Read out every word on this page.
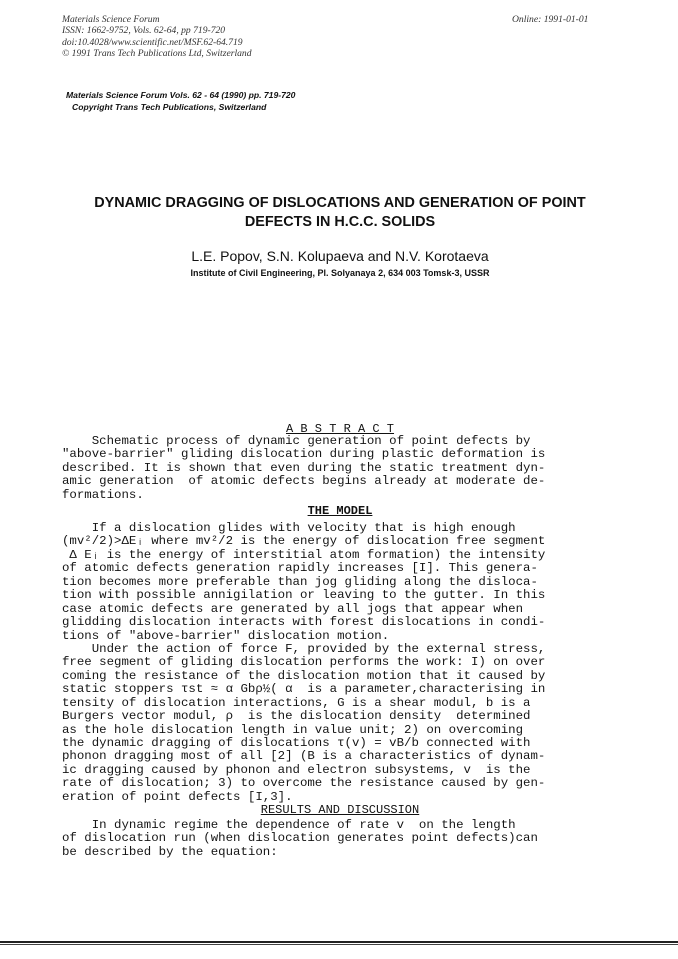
Materials Science Forum
ISSN: 1662-9752, Vols. 62-64, pp 719-720
doi:10.4028/www.scientific.net/MSF.62-64.719
© 1991 Trans Tech Publications Ltd, Switzerland
Online: 1991-01-01
Materials Science Forum Vols. 62 - 64 (1990) pp. 719-720
Copyright Trans Tech Publications, Switzerland
DYNAMIC DRAGGING OF DISLOCATIONS AND GENERATION OF POINT
DEFECTS IN H.C.C. SOLIDS
L.E. Popov, S.N. Kolupaeva and N.V. Korotaeva
Institute of Civil Engineering, Pl. Solyanaya 2, 634 003 Tomsk-3, USSR
A B S T R A C T
Schematic process of dynamic generation of point defects by
"above-barrier" gliding dislocation during plastic deformation is
described. It is shown that even during the static treatment dyn-
amic generation  of atomic defects begins already at moderate de-
formations.
THE MODEL
If a dislocation glides with velocity that is high enough
(mv²/2)>ΔEᵢ where mv²/2 is the energy of dislocation free segment
Δ Eᵢ is the energy of interstitial atom formation) the intensity
of atomic defects generation rapidly increases [I]. This genera-
tion becomes more preferable than jog gliding along the disloca-
tion with possible annigilation or leaving to the gutter. In this
case atomic defects are generated by all jogs that appear when
glidding dislocation interacts with forest dislocations in condi-
tions of "above-barrier" dislocation motion.
Under the action of force F, provided by the external stress,
free segment of gliding dislocation performs the work: I) on over
coming the resistance of the dislocation motion that it caused by
static stoppers τst ≈ α Gbρ½( α  is a parameter,characterising in
tensity of dislocation interactions, G is a shear modul, b is a
Burgers vector modul, ρ  is the dislocation density  determined
as the hole dislocation length in value unit; 2) on overcoming
the dynamic dragging of dislocations τ(v) = vB/b connected with
phonon dragging most of all [2] (B is a characteristics of dynam-
ic dragging caused by phonon and electron subsystems, v  is the
rate of dislocation; 3) to overcome the resistance caused by gen-
eration of point defects [I,3].
RESULTS AND DISCUSSION
In dynamic regime the dependence of rate v  on the length
of dislocation run (when dislocation generates point defects)can
be described by the equation:
